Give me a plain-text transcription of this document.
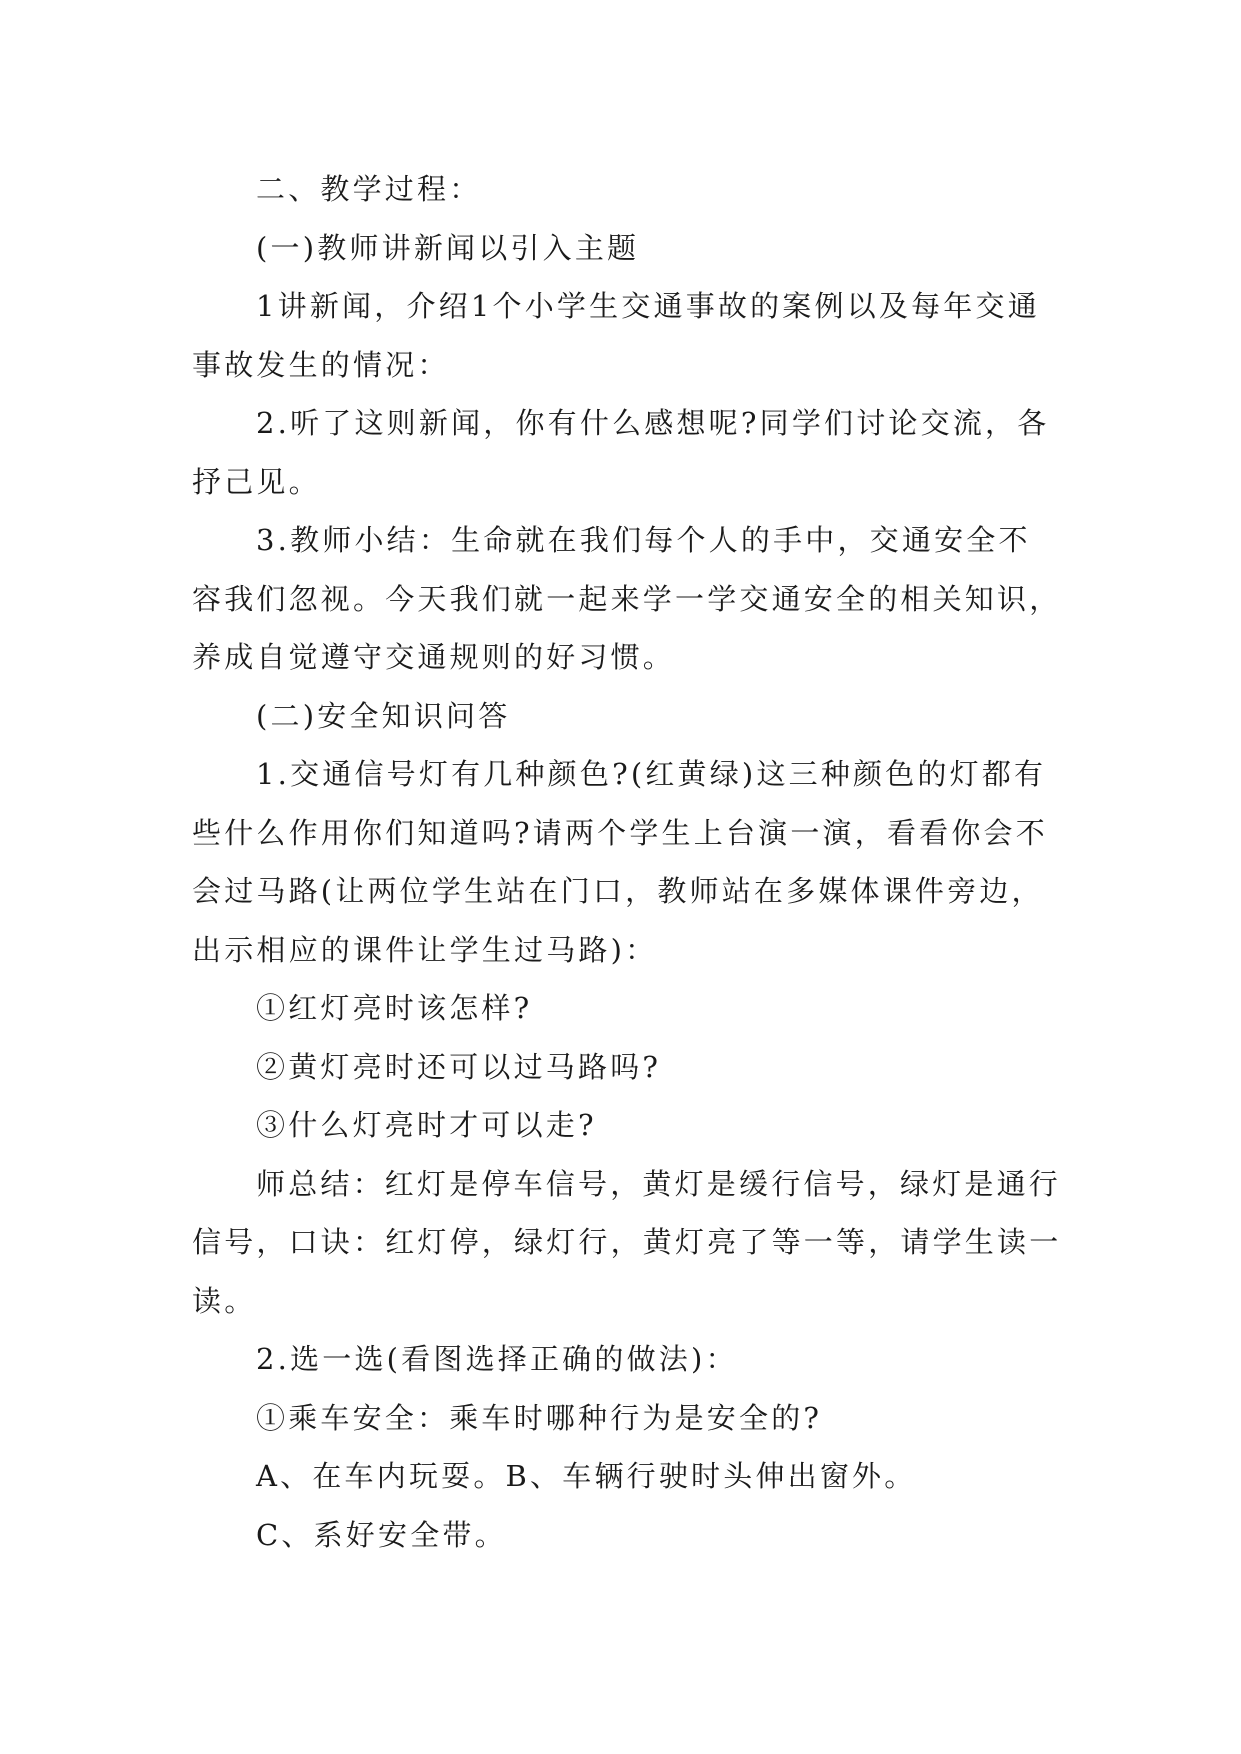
二、教学过程：

(一)教师讲新闻以引入主题

1讲新闻，介绍1个小学生交通事故的案例以及每年交通事故发生的情况：

2.听了这则新闻，你有什么感想呢?同学们讨论交流，各抒己见。

3.教师小结：生命就在我们每个人的手中，交通安全不容我们忽视。今天我们就一起来学一学交通安全的相关知识，养成自觉遵守交通规则的好习惯。

(二)安全知识问答

1.交通信号灯有几种颜色?(红黄绿)这三种颜色的灯都有些什么作用你们知道吗?请两个学生上台演一演，看看你会不会过马路(让两位学生站在门口，教师站在多媒体课件旁边，出示相应的课件让学生过马路)：

①红灯亮时该怎样?

②黄灯亮时还可以过马路吗?

③什么灯亮时才可以走?

师总结：红灯是停车信号，黄灯是缓行信号，绿灯是通行信号，口诀：红灯停，绿灯行，黄灯亮了等一等，请学生读一读。

2.选一选(看图选择正确的做法)：

①乘车安全：乘车时哪种行为是安全的?

A、在车内玩耍。B、车辆行驶时头伸出窗外。

C、系好安全带。
